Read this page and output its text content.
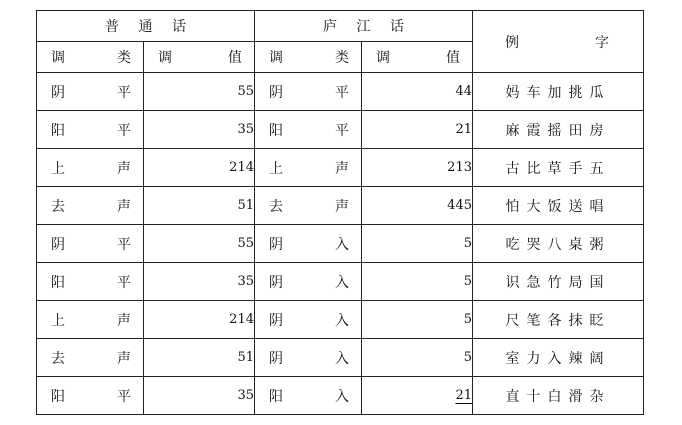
普 通 话		庐 江 话		例 字

调 类	调 值	调 类	调 值	

阴 平	55	阴 平	44	妈车加挑瓜

阳 平	35	阳 平	21	麻霞摇田房

上 声	214	上 声	213	古比草手五

去 声	51	去 声	445	怕大饭送唱

阴 平	55	阴 入	5	吃哭八桌粥

阳 平	35	阴 入	5	识急竹局国

上 声	214	阴 入	5	尺笔各抹眨

去 声	51	阴 入	5	室力入辣阔

阳 平	35	阳 入	21	直十白滑杂
